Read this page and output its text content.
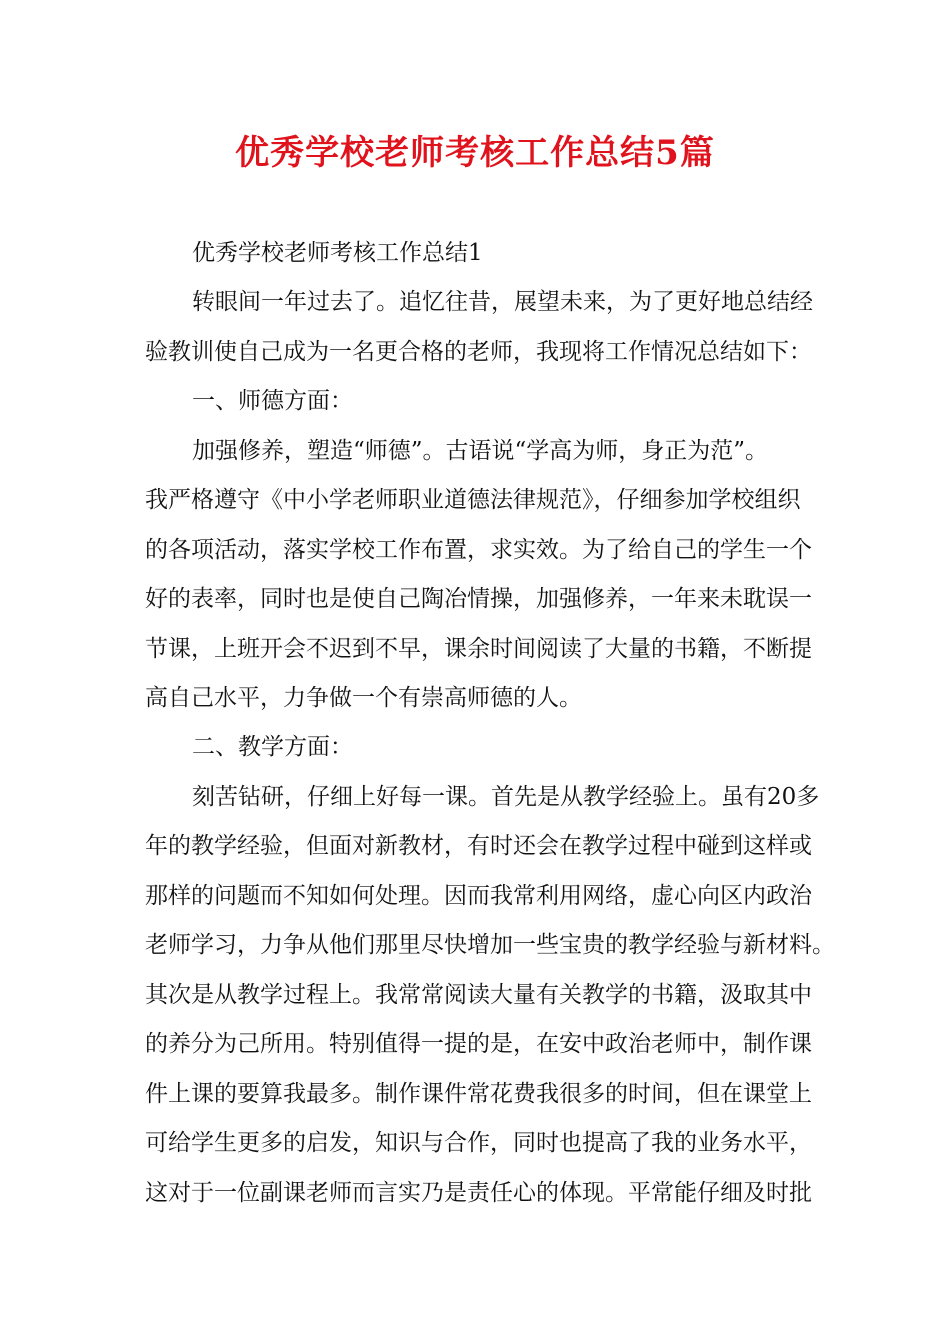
优秀学校老师考核工作总结5篇
优秀学校老师考核工作总结1
转眼间一年过去了。追忆往昔，展望未来，为了更好地总结经
验教训使自己成为一名更合格的老师，我现将工作情况总结如下：
一、师德方面：
加强修养，塑造“师德”。古语说“学高为师，身正为范”。
我严格遵守《中小学老师职业道德法律规范》，仔细参加学校组织
的各项活动，落实学校工作布置，求实效。为了给自己的学生一个
好的表率，同时也是使自己陶冶情操，加强修养，一年来未耽误一
节课，上班开会不迟到不早，课余时间阅读了大量的书籍，不断提
高自己水平，力争做一个有崇高师德的人。
二、教学方面：
刻苦钻研，仔细上好每一课。首先是从教学经验上。虽有20多
年的教学经验，但面对新教材，有时还会在教学过程中碰到这样或
那样的问题而不知如何处理。因而我常利用网络，虚心向区内政治
老师学习，力争从他们那里尽快增加一些宝贵的教学经验与新材料。
其次是从教学过程上。我常常阅读大量有关教学的书籍，汲取其中
的养分为己所用。特别值得一提的是，在安中政治老师中，制作课
件上课的要算我最多。制作课件常花费我很多的时间，但在课堂上
可给学生更多的启发，知识与合作，同时也提高了我的业务水平，
这对于一位副课老师而言实乃是责任心的体现。平常能仔细及时批
